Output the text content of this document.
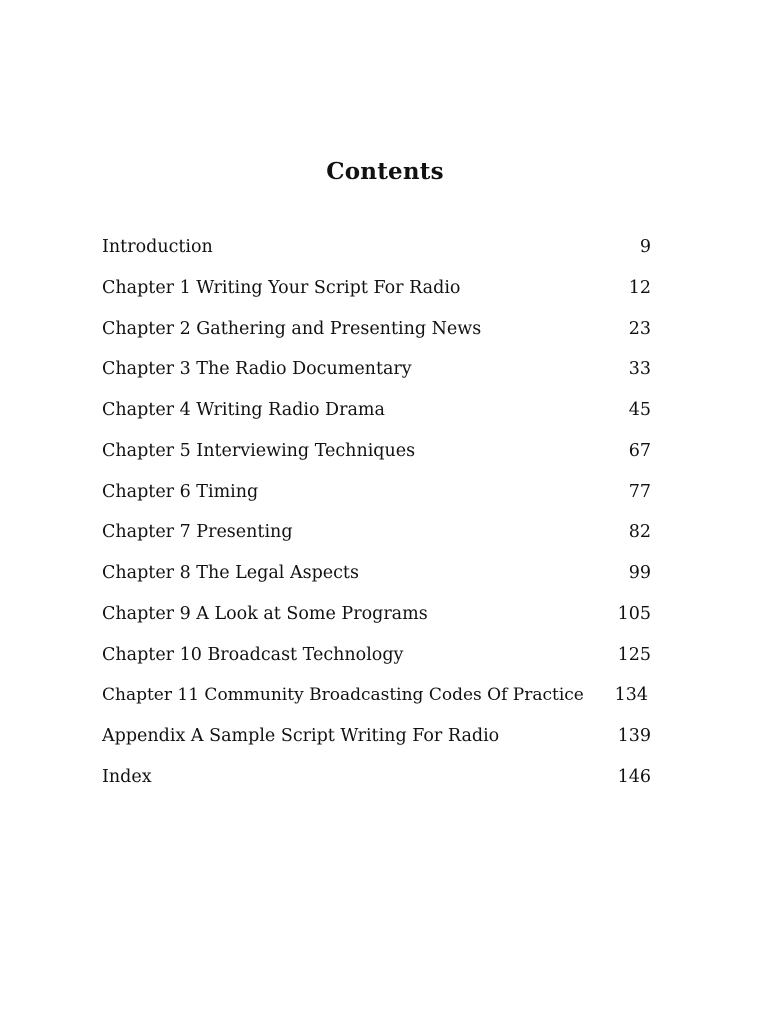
Contents
Introduction	9
Chapter 1 Writing Your Script For Radio	12
Chapter 2 Gathering and Presenting News	23
Chapter 3 The Radio Documentary	33
Chapter 4 Writing Radio Drama	45
Chapter 5 Interviewing Techniques	67
Chapter 6 Timing	77
Chapter 7 Presenting	82
Chapter 8 The Legal Aspects	99
Chapter 9 A Look at Some Programs	105
Chapter 10 Broadcast Technology	125
Chapter 11 Community Broadcasting Codes Of Practice 134
Appendix A Sample Script Writing For Radio	139
Index	146
